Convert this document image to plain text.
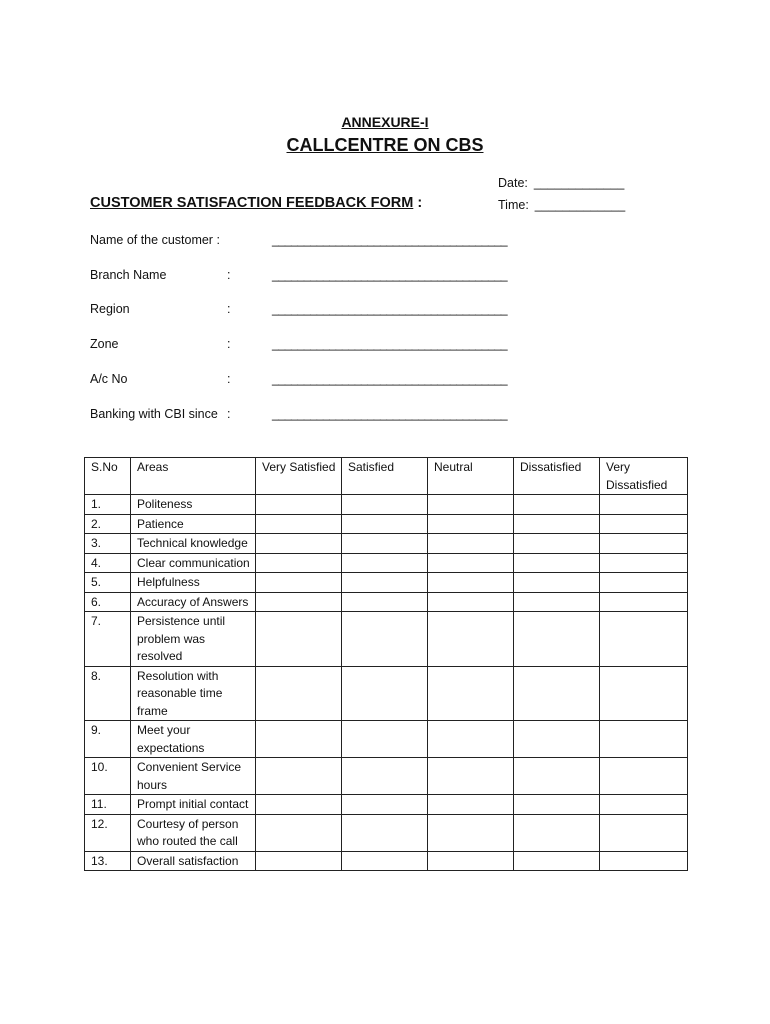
ANNEXURE-I
CALLCENTRE ON CBS
Date: _____________
Time: _____________
CUSTOMER SATISFACTION FEEDBACK FORM :
Name of the customer :	_____________________________________
Branch Name	:	_____________________________________
Region	:	_____________________________________
Zone	:	_____________________________________
A/c No	:	_____________________________________
Banking with CBI since :	_____________________________________
S.No	Areas	Very Satisfied	Satisfied	Neutral	Dissatisfied	Very Dissatisfied
1.	Politeness					
2.	Patience					
3.	Technical knowledge					
4.	Clear communication					
5.	Helpfulness					
6.	Accuracy of Answers					
7.	Persistence until problem was resolved					
8.	Resolution with reasonable time frame					
9.	Meet your expectations					
10.	Convenient Service hours					
11.	Prompt initial contact					
12.	Courtesy of person who routed the call					
13.	Overall satisfaction					
